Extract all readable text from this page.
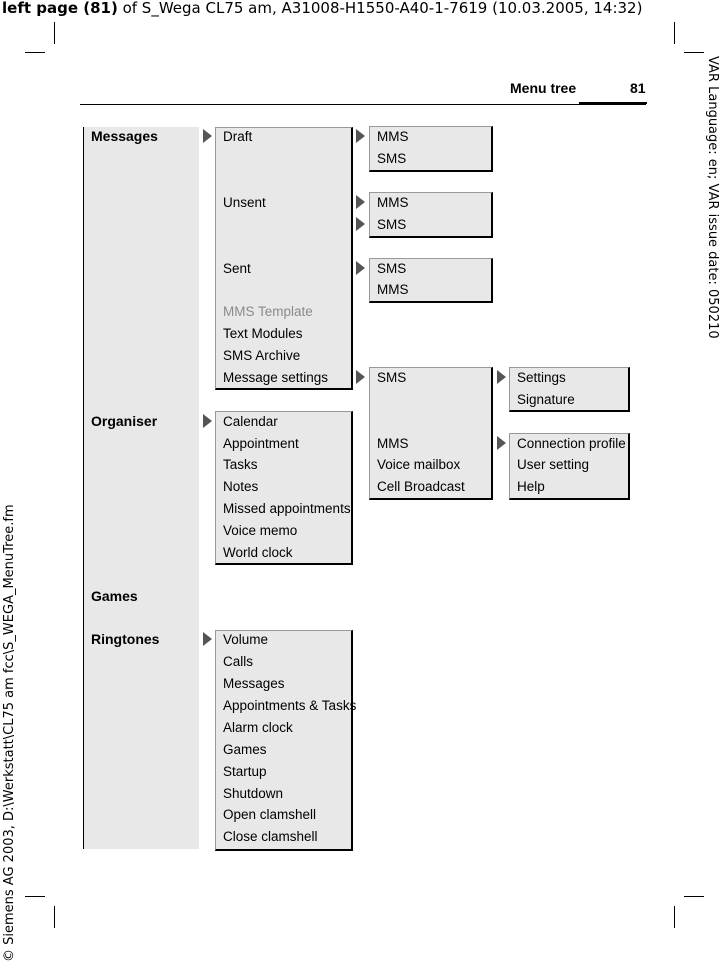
left page (81) of S_Wega CL75 am, A31008-H1550-A40-1-7619 (10.03.2005, 14:32)
VAR Language: en; VAR issue date: 050210
© Siemens AG 2003, D:\Werkstatt\CL75 am fcc\S_WEGA_MenuTree.fm
Menu tree	81
Messages
Organiser
Games
Ringtones
Draft
Unsent
Sent
MMS Template
Text Modules
SMS Archive
Message settings
MMS
SMS
MMS
SMS
SMS
MMS
SMS
MMS
Voice mailbox
Cell Broadcast
Settings
Signature
Connection profile
User setting
Help
Calendar
Appointment
Tasks
Notes
Missed appointments
Voice memo
World clock
Volume
Calls
Messages
Appointments & Tasks
Alarm clock
Games
Startup
Shutdown
Open clamshell
Close clamshell
